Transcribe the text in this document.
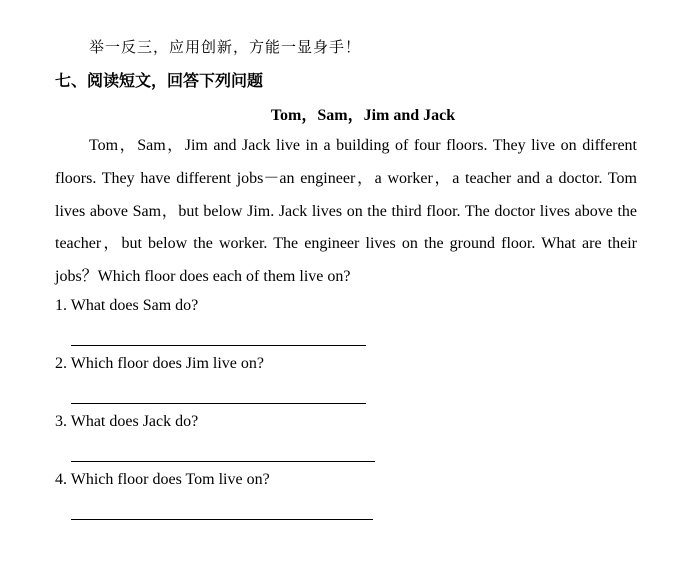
举一反三，应用创新，方能一显身手！
七、阅读短文，回答下列问题
Tom，Sam，Jim and Jack

Tom，Sam，Jim and Jack live in a building of four floors. They live on different floors. They have different jobs－an engineer，a worker，a teacher and a doctor. Tom lives above Sam，but below Jim. Jack lives on the third floor. The doctor lives above the teacher，but below the worker. The engineer lives on the ground floor. What are their jobs？Which floor does each of them live on?

1. What does Sam do?
2. Which floor does Jim live on?
3. What does Jack do?
4. Which floor does Tom live on?
